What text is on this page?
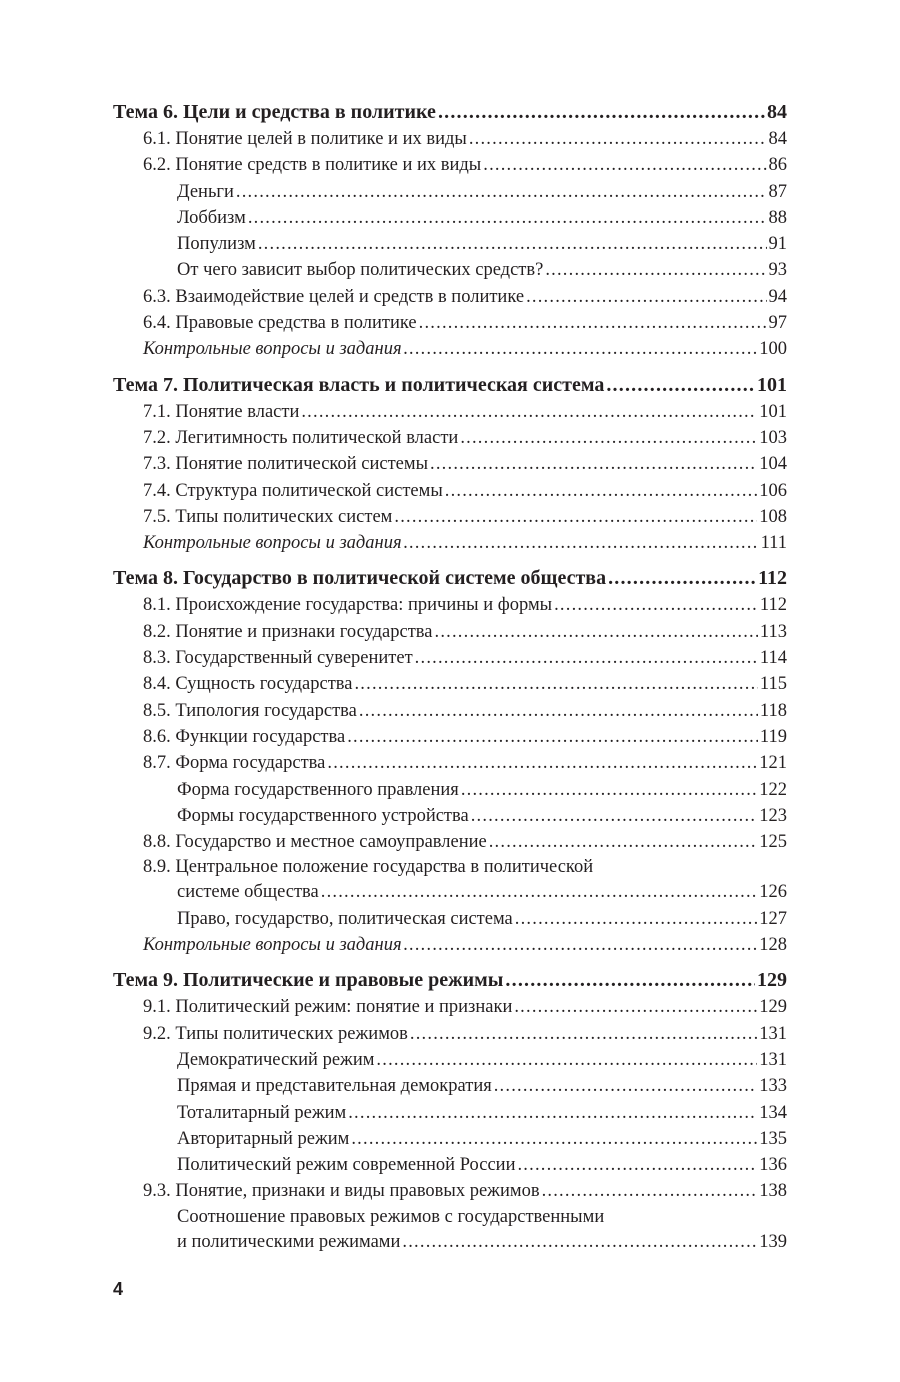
Тема 6. Цели и средства в политике .....	84
6.1. Понятие целей в политике и их виды .....	84
6.2. Понятие средств в политике и их виды .....	86
Деньги .....	87
Лоббизм .....	88
Популизм .....	91
От чего зависит выбор политических средств? .....	93
6.3. Взаимодействие целей и средств в политике .....	94
6.4. Правовые средства в политике .....	97
Контрольные вопросы и задания .....	100
Тема 7. Политическая власть и политическая система .....	101
7.1. Понятие власти .....	101
7.2. Легитимность политической власти .....	103
7.3. Понятие политической системы .....	104
7.4. Структура политической системы .....	106
7.5. Типы политических систем .....	108
Контрольные вопросы и задания .....	111
Тема 8. Государство в политической системе общества .....	112
8.1. Происхождение государства: причины и формы .....	112
8.2. Понятие и признаки государства .....	113
8.3. Государственный суверенитет .....	114
8.4. Сущность государства .....	115
8.5. Типология государства .....	118
8.6. Функции государства .....	119
8.7. Форма государства .....	121
Форма государственного правления .....	122
Формы государственного устройства .....	123
8.8. Государство и местное самоуправление .....	125
8.9. Центральное положение государства в политической
системе общества .....	126
Право, государство, политическая система .....	127
Контрольные вопросы и задания .....	128
Тема 9. Политические и правовые режимы .....	129
9.1. Политический режим: понятие и признаки .....	129
9.2. Типы политических режимов .....	131
Демократический режим .....	131
Прямая и представительная демократия .....	133
Тоталитарный режим .....	134
Авторитарный режим .....	135
Политический режим современной России .....	136
9.3. Понятие, признаки и виды правовых режимов .....	138
Соотношение правовых режимов с государственными
и политическими режимами .....	139
4
